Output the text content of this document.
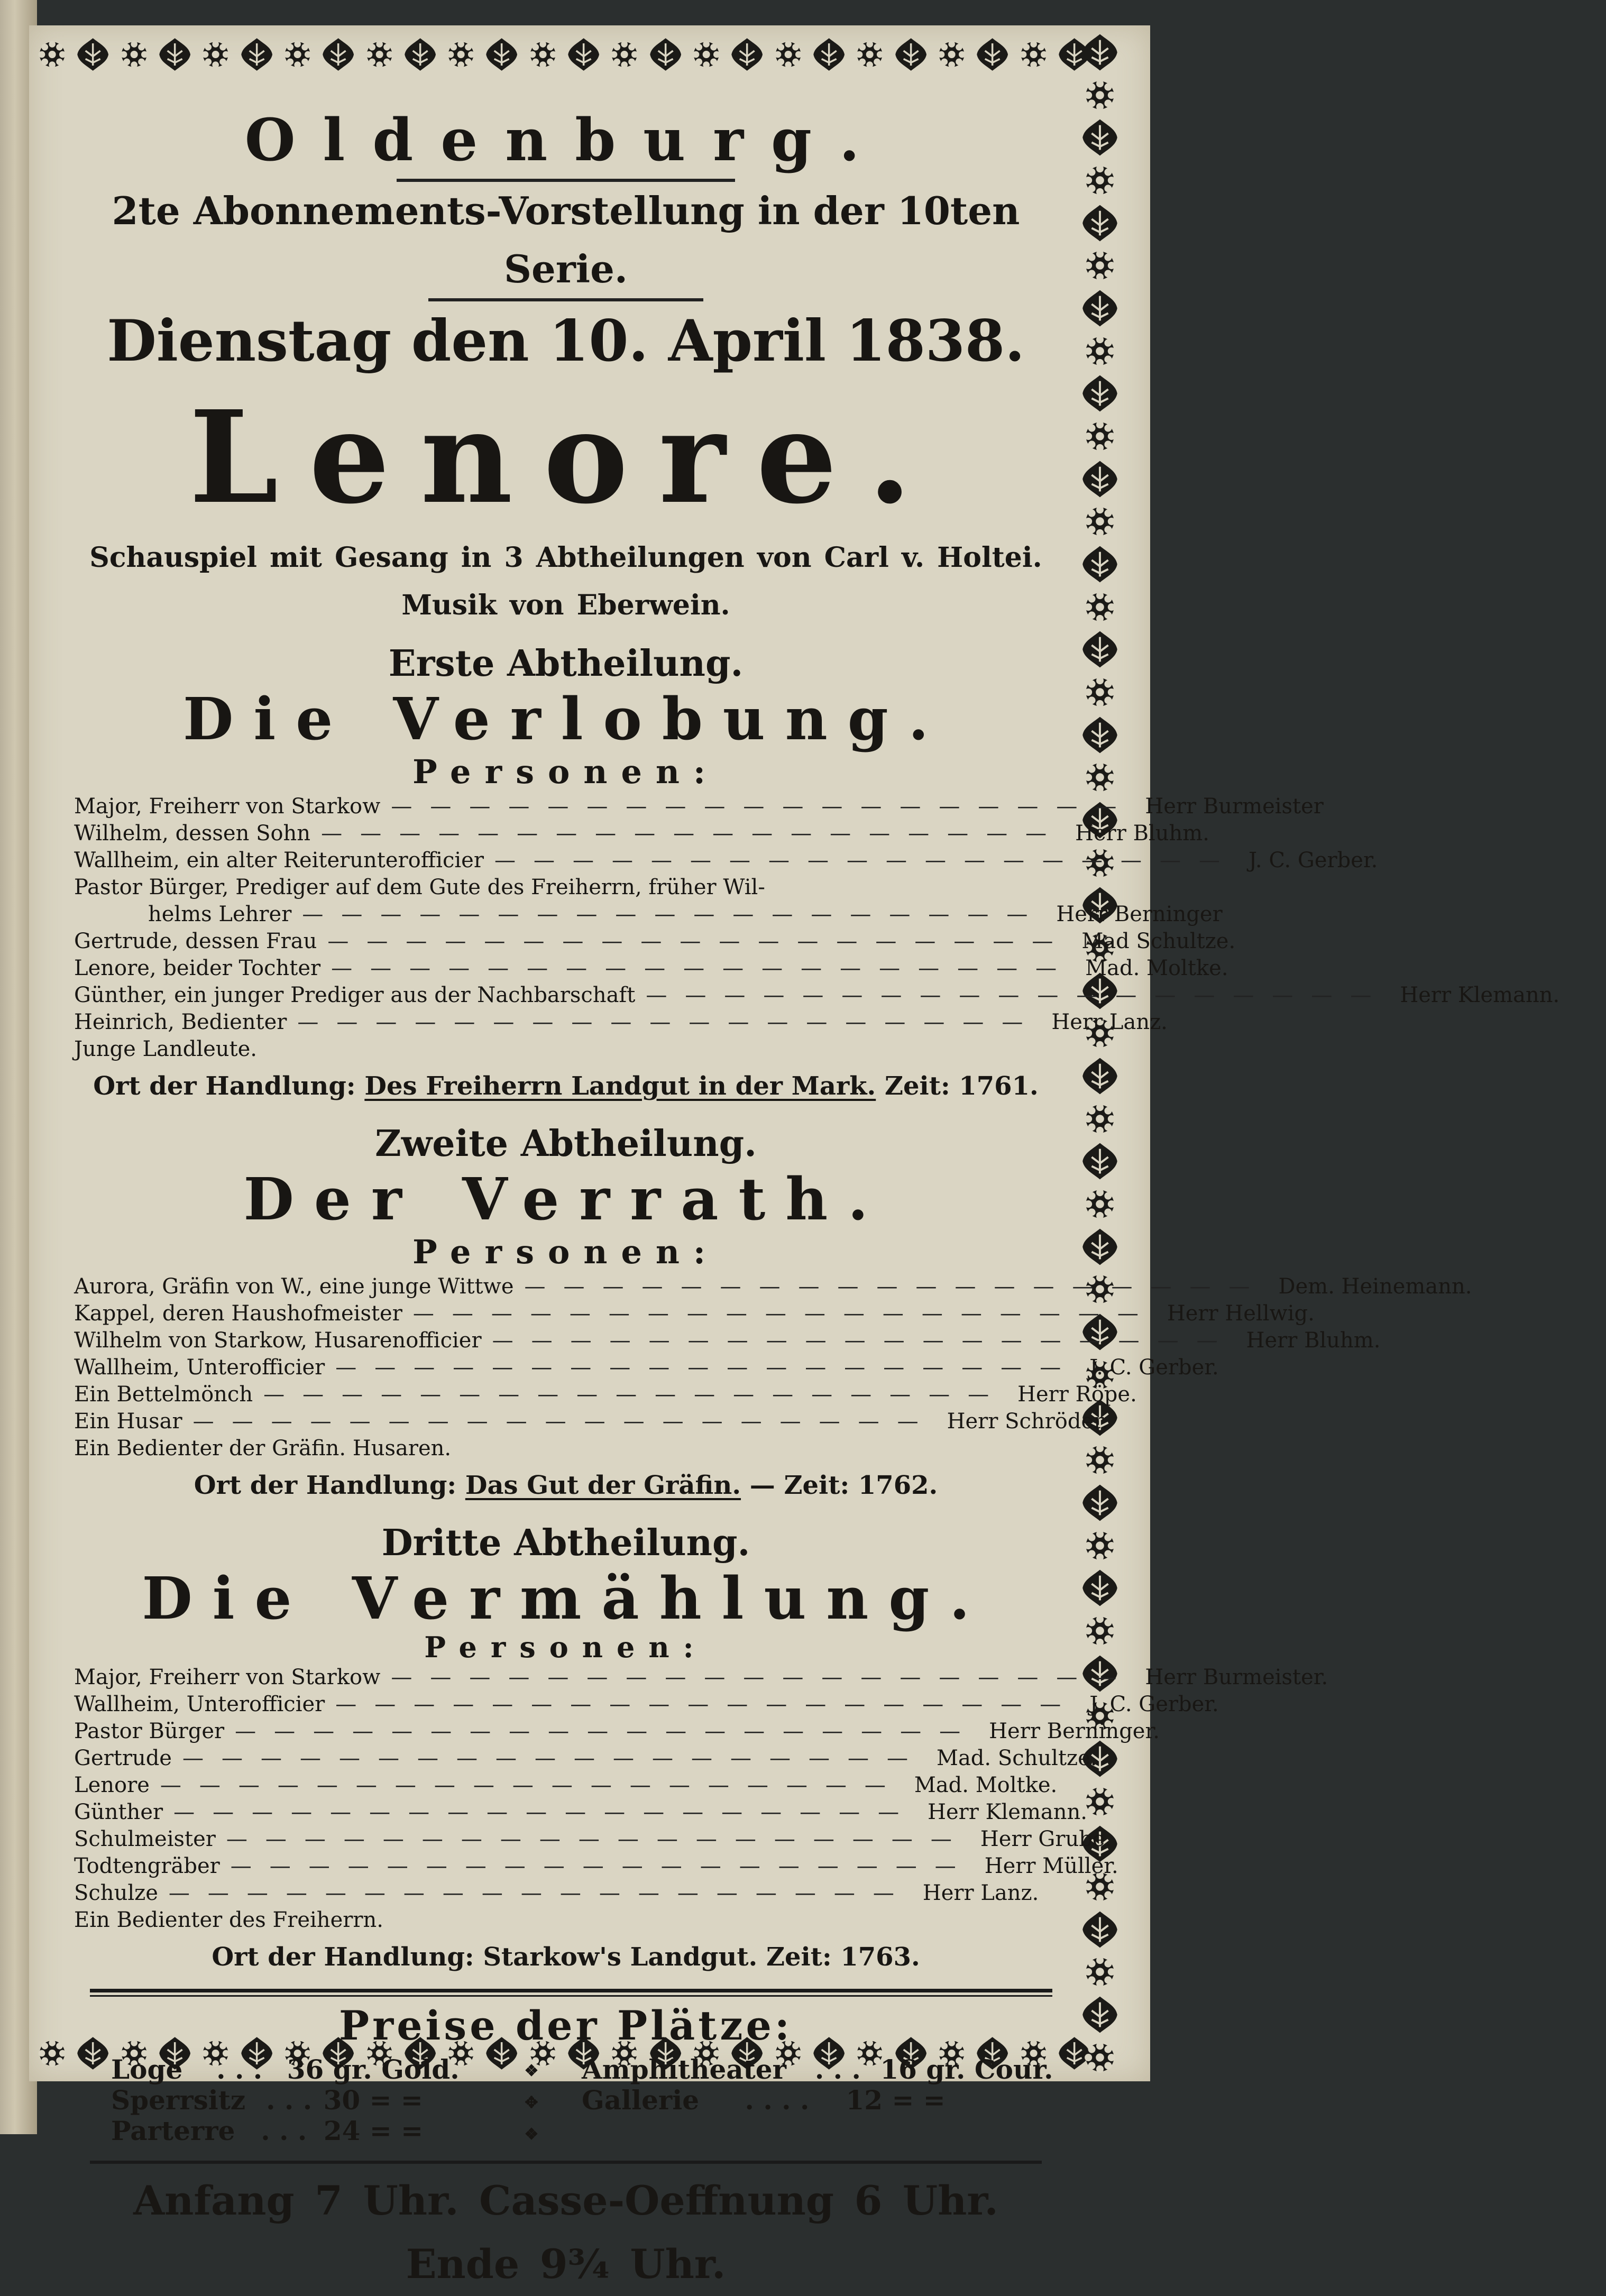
Oldenburg.
2te Abonnements-Vorstellung in der 10ten Serie.
Dienstag den 10. April 1838.
Lenore.
Schauspiel mit Gesang in 3 Abtheilungen von Carl v. Holtei. Musik von Eberwein.
Erste Abtheilung.
Die Verlobung.
Personen:
Major, Freiherr von Starkow ——————————————————— Herr Burmeister
Wilhelm, dessen Sohn ——————————————————— Herr Bluhm.
Wallheim, ein alter Reiterunterofficier ——————————————————— J. C. Gerber.
Pastor Bürger, Prediger auf dem Gute des Freiherrn, früher Wil-
helms Lehrer ——————————————————— Herr Berninger
Gertrude, dessen Frau ——————————————————— Mad Schultze.
Lenore, beider Tochter ——————————————————— Mad. Moltke.
Günther, ein junger Prediger aus der Nachbarschaft ——————————————————— Herr Klemann.
Heinrich, Bedienter ——————————————————— Herr Lanz.
Junge Landleute.
Ort der Handlung: Des Freiherrn Landgut in der Mark. Zeit: 1761.
Zweite Abtheilung.
Der Verrath.
Personen:
Aurora, Gräfin von W., eine junge Wittwe ——————————————————— Dem. Heinemann.
Kappel, deren Haushofmeister ——————————————————— Herr Hellwig.
Wilhelm von Starkow, Husarenofficier ——————————————————— Herr Bluhm.
Wallheim, Unterofficier ——————————————————— J. C. Gerber.
Ein Bettelmönch ——————————————————— Herr Röpe.
Ein Husar ——————————————————— Herr Schröder.
Ein Bedienter der Gräfin. Husaren.
Ort der Handlung: Das Gut der Gräfin. — Zeit: 1762.
Dritte Abtheilung.
Die Vermählung.
Personen:
Major, Freiherr von Starkow ——————————————————— Herr Burmeister.
Wallheim, Unterofficier ——————————————————— J. C. Gerber.
Pastor Bürger ——————————————————— Herr Berninger.
Gertrude ——————————————————— Mad. Schultze.
Lenore ——————————————————— Mad. Moltke.
Günther ——————————————————— Herr Klemann.
Schulmeister ——————————————————— Herr Grube.
Todtengräber ——————————————————— Herr Müller.
Schulze ——————————————————— Herr Lanz.
Ein Bedienter des Freiherrn.
Ort der Handlung: Starkow's Landgut. Zeit: 1763.
Preise der Plätze:
Loge . . . 36 gr. Gold.
Sperrsitz . . . 30 = =
Parterre . . . 24 = =
❖
✥
❖
Amphitheater . . . 16 gr. Cour.
Gallerie . . . . 12 = =
Anfang 7 Uhr. Casse-Oeffnung 6 Uhr. Ende 9¾ Uhr.
